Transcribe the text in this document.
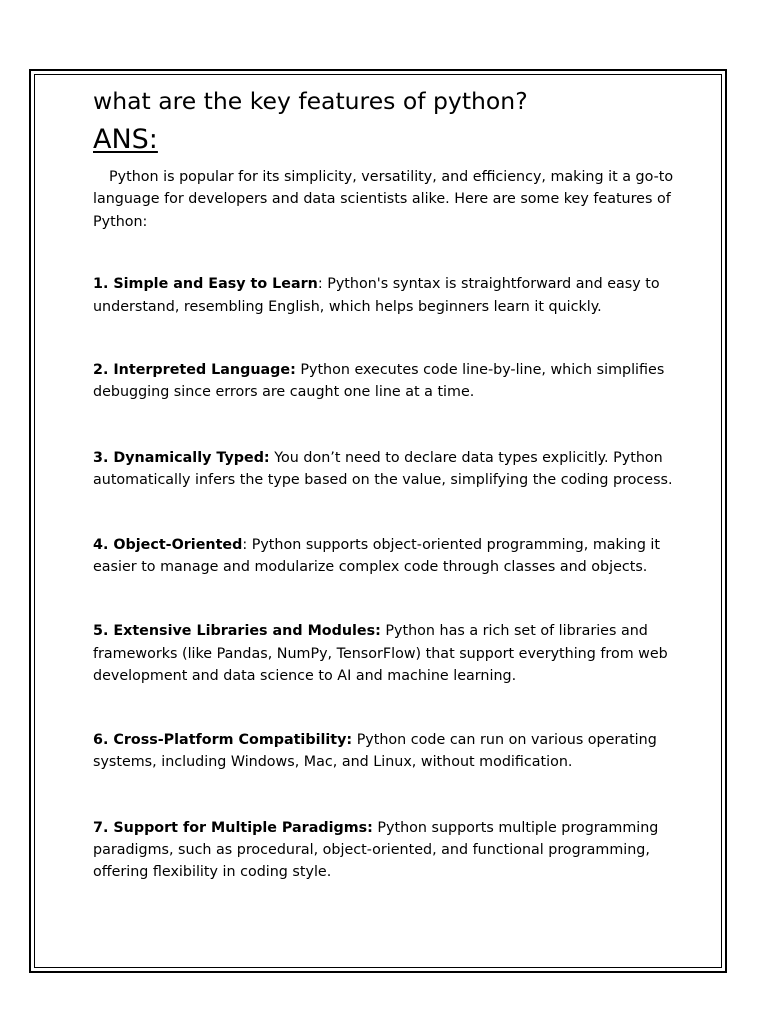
what are the key features of python?
ANS:

Python is popular for its simplicity, versatility, and efficiency, making it a go-to language for developers and data scientists alike. Here are some key features of Python:

1. Simple and Easy to Learn: Python's syntax is straightforward and easy to understand, resembling English, which helps beginners learn it quickly.

2. Interpreted Language: Python executes code line-by-line, which simplifies debugging since errors are caught one line at a time.

3. Dynamically Typed: You don’t need to declare data types explicitly. Python automatically infers the type based on the value, simplifying the coding process.

4. Object-Oriented: Python supports object-oriented programming, making it easier to manage and modularize complex code through classes and objects.

5. Extensive Libraries and Modules: Python has a rich set of libraries and frameworks (like Pandas, NumPy, TensorFlow) that support everything from web development and data science to AI and machine learning.

6. Cross-Platform Compatibility: Python code can run on various operating systems, including Windows, Mac, and Linux, without modification.

7. Support for Multiple Paradigms: Python supports multiple programming paradigms, such as procedural, object-oriented, and functional programming, offering flexibility in coding style.
